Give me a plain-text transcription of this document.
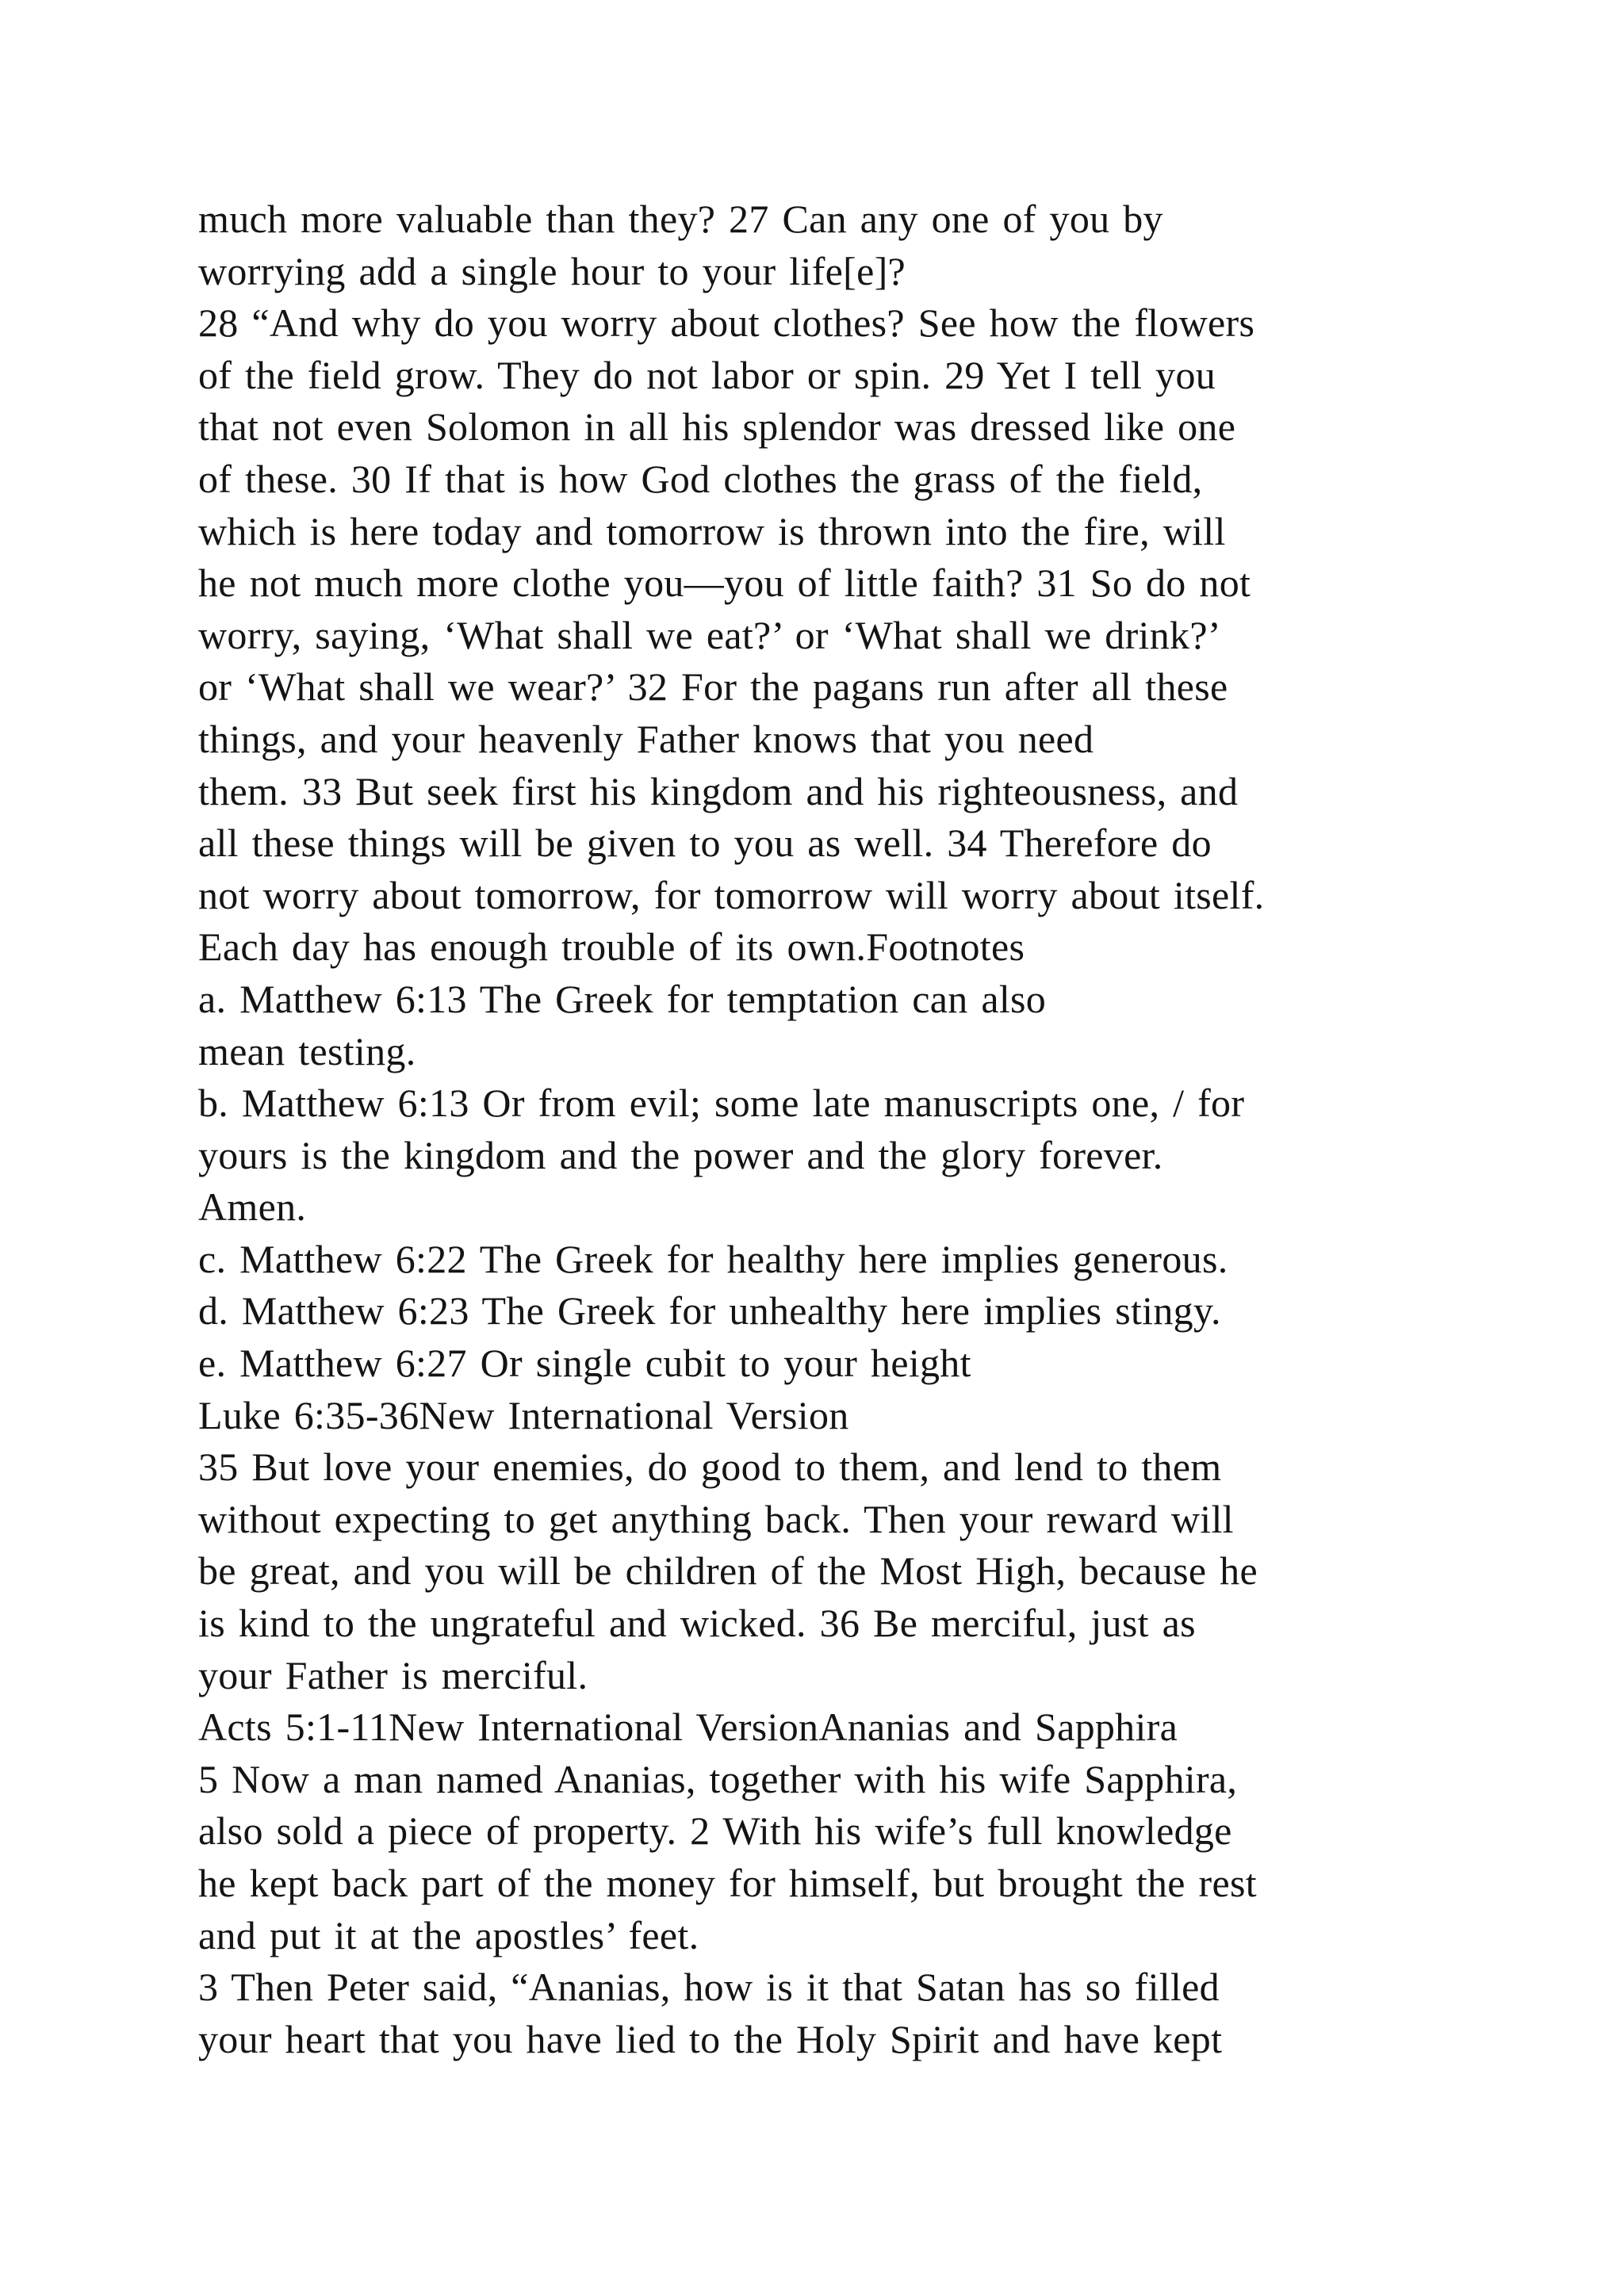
much more valuable than they? 27 Can any one of you by
worrying add a single hour to your life[e]?
28 “And why do you worry about clothes? See how the flowers
of the field grow. They do not labor or spin. 29 Yet I tell you
that not even Solomon in all his splendor was dressed like one
of these. 30 If that is how God clothes the grass of the field,
which is here today and tomorrow is thrown into the fire, will
he not much more clothe you—you of little faith? 31 So do not
worry, saying, ‘What shall we eat?’ or ‘What shall we drink?’
or ‘What shall we wear?’ 32 For the pagans run after all these
things, and your heavenly Father knows that you need
them. 33 But seek first his kingdom and his righteousness, and
all these things will be given to you as well. 34 Therefore do
not worry about tomorrow, for tomorrow will worry about itself.
Each day has enough trouble of its own.Footnotes
a. Matthew 6:13 The Greek for temptation can also
mean testing.
b. Matthew 6:13 Or from evil; some late manuscripts one, / for
yours is the kingdom and the power and the glory forever.
Amen.
c. Matthew 6:22 The Greek for healthy here implies generous.
d. Matthew 6:23 The Greek for unhealthy here implies stingy.
e. Matthew 6:27 Or single cubit to your height
Luke 6:35-36New International Version
35 But love your enemies, do good to them, and lend to them
without expecting to get anything back. Then your reward will
be great, and you will be children of the Most High, because he
is kind to the ungrateful and wicked. 36 Be merciful, just as
your Father is merciful.
Acts 5:1-11New International VersionAnanias and Sapphira
5 Now a man named Ananias, together with his wife Sapphira,
also sold a piece of property. 2 With his wife’s full knowledge
he kept back part of the money for himself, but brought the rest
and put it at the apostles’ feet.
3 Then Peter said, “Ananias, how is it that Satan has so filled
your heart that you have lied to the Holy Spirit and have kept
